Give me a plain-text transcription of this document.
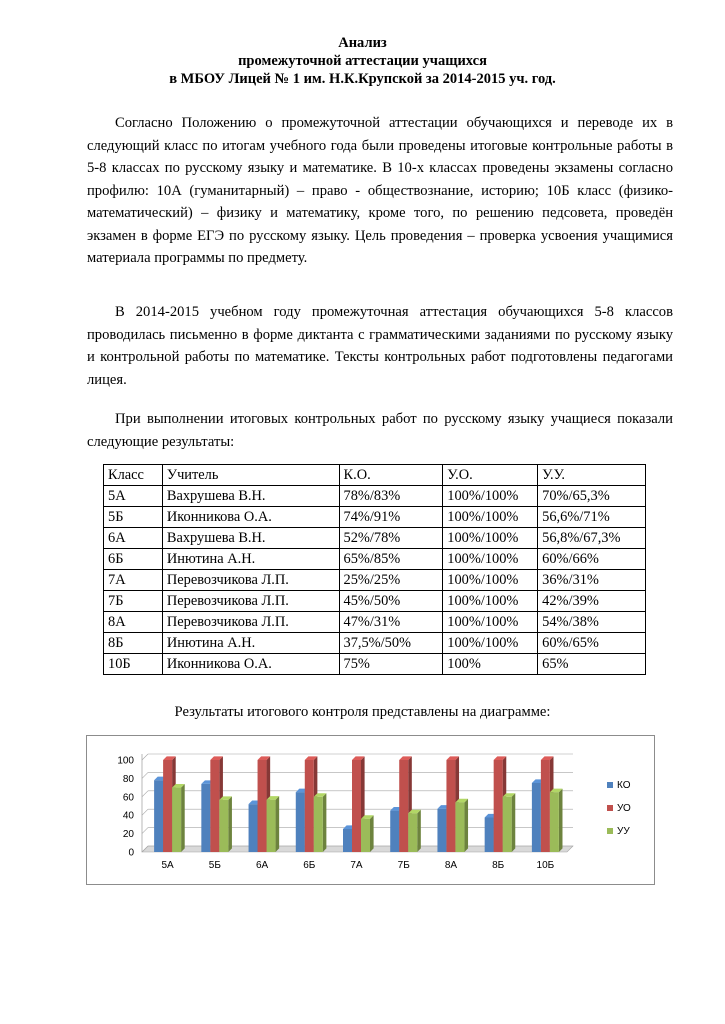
Анализ
промежуточной аттестации учащихся
в МБОУ Лицей № 1 им. Н.К.Крупской за 2014-2015 уч. год.

Согласно Положению о промежуточной аттестации обучающихся и переводе их в следующий класс по итогам учебного года были проведены итоговые контрольные работы в 5-8 классах по русскому языку и математике. В 10-х классах проведены экзамены согласно профилю: 10А (гуманитарный) – право - обществознание, историю; 10Б класс (физико-математический) – физику и математику, кроме того, по решению педсовета, проведён экзамен в форме ЕГЭ по русскому языку. Цель проведения – проверка усвоения учащимися материала программы по предмету.

В 2014-2015 учебном году промежуточная аттестация обучающихся 5-8 классов проводилась письменно в форме диктанта с грамматическими заданиями по русскому языку и контрольной работы по математике. Тексты контрольных работ подготовлены педагогами лицея.

При выполнении итоговых контрольных работ по русскому языку учащиеся показали следующие результаты:

Класс	Учитель	К.О.	У.О.	У.У.
5А	Вахрушева В.Н.	78%/83%	100%/100%	70%/65,3%
5Б	Иконникова О.А.	74%/91%	100%/100%	56,6%/71%
6А	Вахрушева В.Н.	52%/78%	100%/100%	56,8%/67,3%
6Б	Инютина А.Н.	65%/85%	100%/100%	60%/66%
7А	Перевозчикова Л.П.	25%/25%	100%/100%	36%/31%
7Б	Перевозчикова Л.П.	45%/50%	100%/100%	42%/39%
8А	Перевозчикова Л.П.	47%/31%	100%/100%	54%/38%
8Б	Инютина А.Н.	37,5%/50%	100%/100%	60%/65%
10Б	Иконникова О.А.	75%	100%	65%
Результаты итогового контроля представлены на диаграмме:
0
20
40
60
80
100
5А	5Б	6А	6Б	7А	7Б	8А	8Б	10Б
КО
УО
УУ
